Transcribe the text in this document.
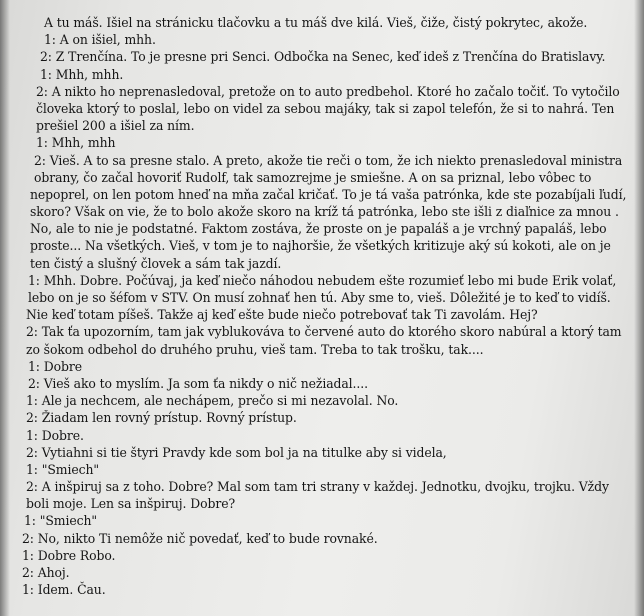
A tu máš. Išiel na stránicku tlačovku a tu máš dve kilá. Vieš, čiže, čistý pokrytec, akože.
1: A on išiel, mhh.
2: Z Trenčína. To je presne pri Senci. Odbočka na Senec, keď ideš z Trenčína do Bratislavy.
1: Mhh, mhh.
2: A nikto ho neprenasledoval, pretože on to auto predbehol. Ktoré ho začalo točiť. To vytočilo
človeka ktorý to poslal, lebo on videl za sebou majáky, tak si zapol telefón, že si to nahrá. Ten
prešiel 200 a išiel za ním.
1: Mhh, mhh
2: Vieš. A to sa presne stalo. A preto, akože tie reči o tom, že ich niekto prenasledoval ministra
obrany, čo začal hovoriť Rudolf, tak samozrejme je smiešne. A on sa priznal, lebo vôbec to
nepoprel, on len potom hneď na mňa začal kričať. To je tá vaša patrónka, kde ste pozabíjali ľudí,
skoro? Však on vie, že to bolo akože skoro na kríž tá patrónka, lebo ste išli z diaľnice za mnou .
No, ale to nie je podstatné. Faktom zostáva, že proste on je papaláš a je vrchný papaláš, lebo
proste... Na všetkých. Vieš, v tom je to najhoršie, že všetkých kritizuje aký sú kokoti, ale on je
ten čistý a slušný človek a sám tak jazdí.
1: Mhh. Dobre. Počúvaj, ja keď niečo náhodou nebudem ešte rozumieť lebo mi bude Erik volať,
lebo on je so šéfom v STV. On musí zohnať hen tú. Aby sme to, vieš. Dôležité je to keď to vidíš.
Nie keď totam píšeš. Takže aj keď ešte bude niečo potrebovať tak Ti zavolám. Hej?
2: Tak ťa upozorním, tam jak vyblukovávа to červené auto do ktorého skoro nabúral a ktorý tam
zo šokom odbehol do druhého pruhu, vieš tam. Treba to tak trošku, tak....
1: Dobre
2: Vieš ako to myslím. Ja som ťa nikdy o nič nežiadal....
1: Ale ja nechcem, ale nechápem, prečo si mi nezavolal. No.
2: Žiadam len rovný prístup. Rovný prístup.
1: Dobre.
2: Vytiahni si tie štyri Pravdy kde som bol ja na titulke aby si videla,
1: "Smiech"
2: A inšpiruj sa z toho. Dobre? Mal som tam tri strany v každej. Jednotku, dvojku, trojku. Vždy
boli moje. Len sa inšpiruj. Dobre?
1: "Smiech"
2: No, nikto Ti nemôže nič povedať, keď to bude rovnaké.
1: Dobre Robo.
2: Ahoj.
1: Idem. Čau.
